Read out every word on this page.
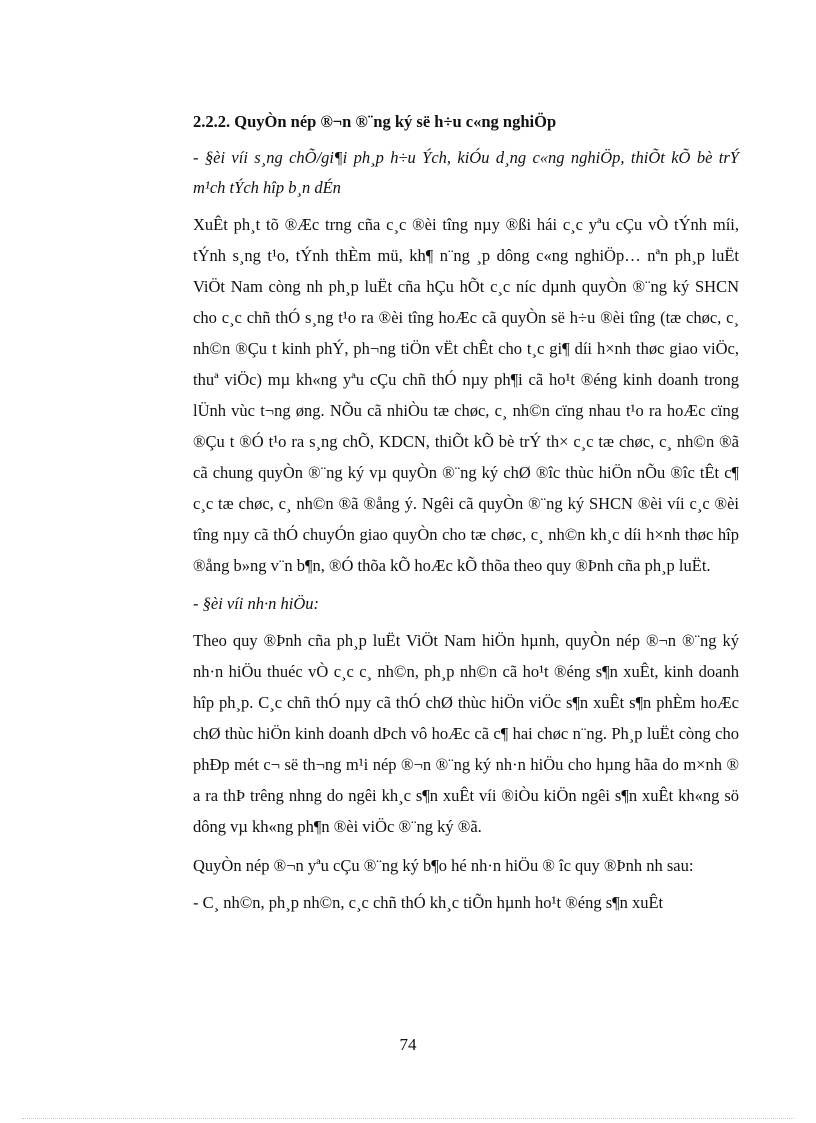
2.2.2. QuyÒn nép ®¬n ®¨ng ký së h÷u c«ng nghiÖp

- §èi víi s¸ng chÕ/gi¶i ph¸p h÷u Ých, kiÓu d¸ng c«ng nghiÖp, thiÕt kÕ bè trÝ m¹ch tÝch hîp b¸n dÉn

XuÊt ph¸t tõ ®Æc trng cña c¸c ®èi tîng nµy ®ßi hái c¸c yªu cÇu vÒ tÝnh míi, tÝnh s¸ng t¹o, tÝnh thÈm mü, kh¶ n¨ng ¸p dông c«ng nghiÖp… nªn ph¸p luËt ViÖt Nam còng nh ph¸p luËt cña hÇu hÕt c¸c níc dµnh quyÒn ®¨ng ký SHCN cho c¸c chñ thÓ s¸ng t¹o ra ®èi tîng hoÆc cã quyÒn së h÷u ®èi tîng (tæ chøc, c¸ nh©n ®Çu t kinh phÝ, ph¬ng tiÖn vËt chÊt cho t¸c gi¶ díi h×nh thøc giao viÖc, thuª viÖc) mµ kh«ng yªu cÇu chñ thÓ nµy ph¶i cã ho¹t ®éng kinh doanh trong lÜnh vùc t¬ng øng. NÕu cã nhiÒu tæ chøc, c¸ nh©n cïng nhau t¹o ra hoÆc cïng ®Çu t ®Ó t¹o ra s¸ng chÕ, KDCN, thiÕt kÕ bè trÝ th× c¸c tæ chøc, c¸ nh©n ®ã cã chung quyÒn ®¨ng ký vµ quyÒn ®¨ng ký chØ ®îc thùc hiÖn nÕu ®îc tÊt c¶ c¸c tæ chøc, c¸ nh©n ®ã ®ång ý. Ngêi cã quyÒn ®¨ng ký SHCN ®èi víi c¸c ®èi tîng nµy cã thÓ chuyÓn giao quyÒn cho tæ chøc, c¸ nh©n kh¸c díi h×nh thøc hîp ®ång b»ng v¨n b¶n, ®Ó thõa kÕ hoÆc kÕ thõa theo quy ®Þnh cña ph¸p luËt.

- §èi víi nh·n hiÖu:

Theo quy ®Þnh cña ph¸p luËt ViÖt Nam hiÖn hµnh, quyÒn nép ®¬n ®¨ng ký nh·n hiÖu thuéc vÒ c¸c c¸ nh©n, ph¸p nh©n cã ho¹t ®éng s¶n xuÊt, kinh doanh hîp ph¸p. C¸c chñ thÓ nµy cã thÓ chØ thùc hiÖn viÖc s¶n xuÊt s¶n phÈm hoÆc chØ thùc hiÖn kinh doanh dÞch vô hoÆc cã c¶ hai chøc n¨ng. Ph¸p luËt còng cho phÐp mét c¬ së th¬ng m¹i nép ®¬n ®¨ng ký nh·n hiÖu cho hµng hãa do m×nh ® a ra thÞ trêng nhng do ngêi kh¸c s¶n xuÊt víi ®iÒu kiÖn ngêi s¶n xuÊt kh«ng sö dông vµ kh«ng ph¶n ®èi viÖc ®¨ng ký ®ã.

QuyÒn nép ®¬n yªu cÇu ®¨ng ký b¶o hé nh·n hiÖu ® îc quy ®Þnh nh sau:

- C¸ nh©n, ph¸p nh©n, c¸c chñ thÓ kh¸c tiÕn hµnh ho¹t ®éng s¶n xuÊt

74
